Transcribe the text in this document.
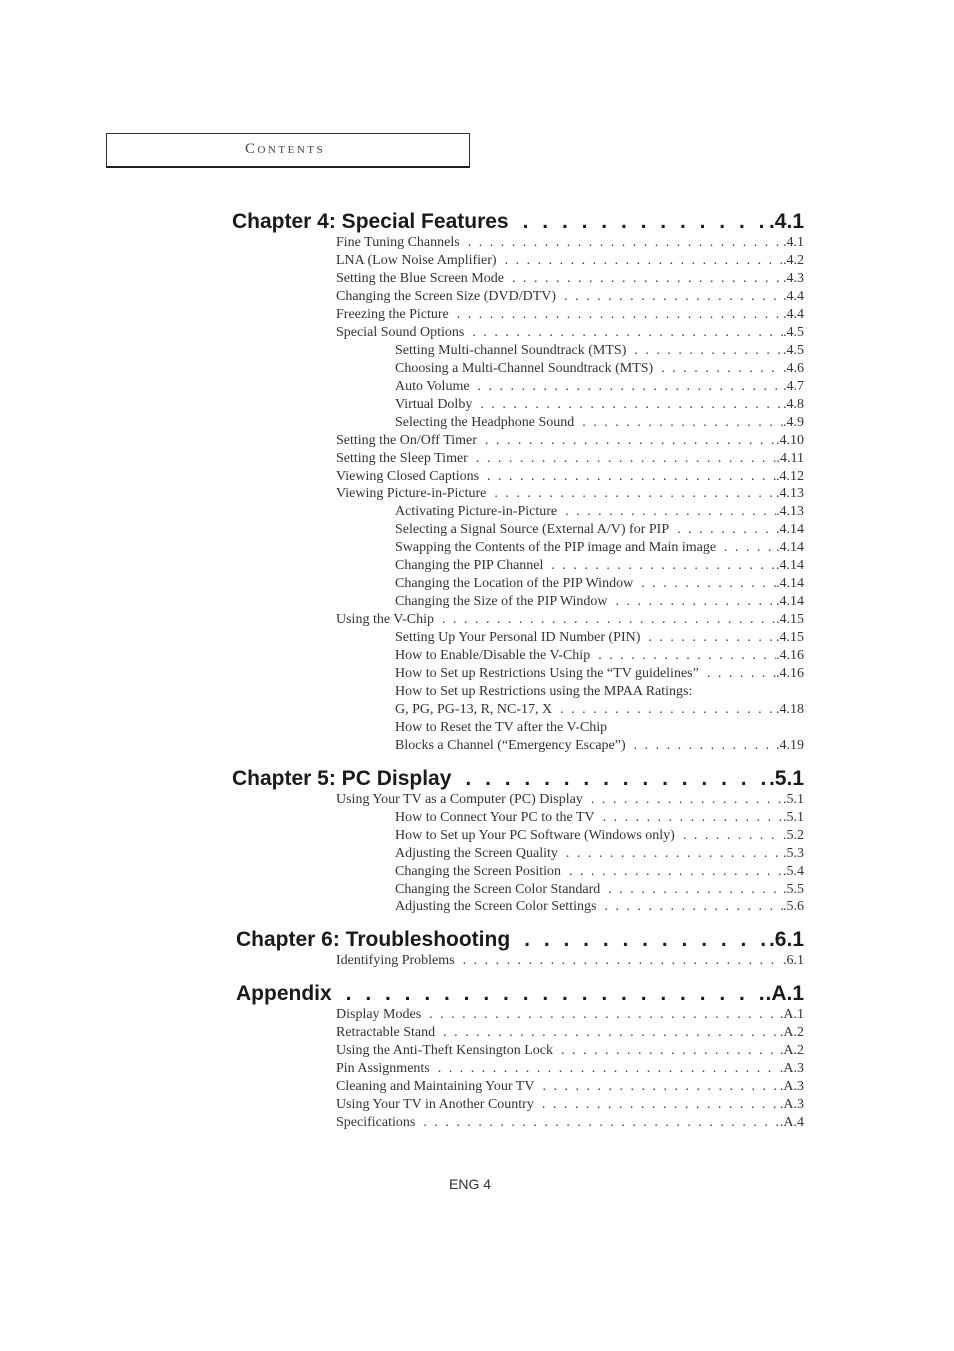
Contents
Chapter 4: Special Features . . .	.4.1
Fine Tuning Channels . . .	.4.1
LNA (Low Noise Amplifier) . . .	.4.2
Setting the Blue Screen Mode . . .	.4.3
Changing the Screen Size (DVD/DTV) . . .	.4.4
Freezing the Picture . . .	.4.4
Special Sound Options . . .	.4.5
Setting Multi-channel Soundtrack (MTS) . . .	.4.5
Choosing a Multi-Channel Soundtrack (MTS) . . .	.4.6
Auto Volume . . .	.4.7
Virtual Dolby . . .	.4.8
Selecting the Headphone Sound . . .	.4.9
Setting the On/Off Timer . . .	.4.10
Setting the Sleep Timer . . .	.4.11
Viewing Closed Captions . . .	.4.12
Viewing Picture-in-Picture . . .	.4.13
Activating Picture-in-Picture . . .	.4.13
Selecting a Signal Source (External A/V) for PIP . . .	.4.14
Swapping the Contents of the PIP image and Main image . . .	.4.14
Changing the PIP Channel . . .	.4.14
Changing the Location of the PIP Window . . .	.4.14
Changing the Size of the PIP Window . . .	.4.14
Using the V-Chip . . .	.4.15
Setting Up Your Personal ID Number (PIN) . . .	.4.15
How to Enable/Disable the V-Chip . . .	.4.16
How to Set up Restrictions Using the “TV guidelines” . . .	.4.16
How to Set up Restrictions using the MPAA Ratings:
G, PG, PG-13, R, NC-17, X . . .	.4.18
How to Reset the TV after the V-Chip
Blocks a Channel (“Emergency Escape”) . . .	.4.19
Chapter 5: PC Display . . .	.5.1
Using Your TV as a Computer (PC) Display . . .	.5.1
How to Connect Your PC to the TV . . .	.5.1
How to Set up Your PC Software (Windows only) . . .	.5.2
Adjusting the Screen Quality . . .	.5.3
Changing the Screen Position . . .	.5.4
Changing the Screen Color Standard . . .	.5.5
Adjusting the Screen Color Settings . . .	.5.6
Chapter 6: Troubleshooting . . .	.6.1
Identifying Problems . . .	.6.1
Appendix . . .	.A.1
Display Modes . . .	.A.1
Retractable Stand . . .	.A.2
Using the Anti-Theft Kensington Lock . . .	.A.2
Pin Assignments . . .	.A.3
Cleaning and Maintaining Your TV . . .	.A.3
Using Your TV in Another Country . . .	.A.3
Specifications . . .	.A.4
ENG 4
